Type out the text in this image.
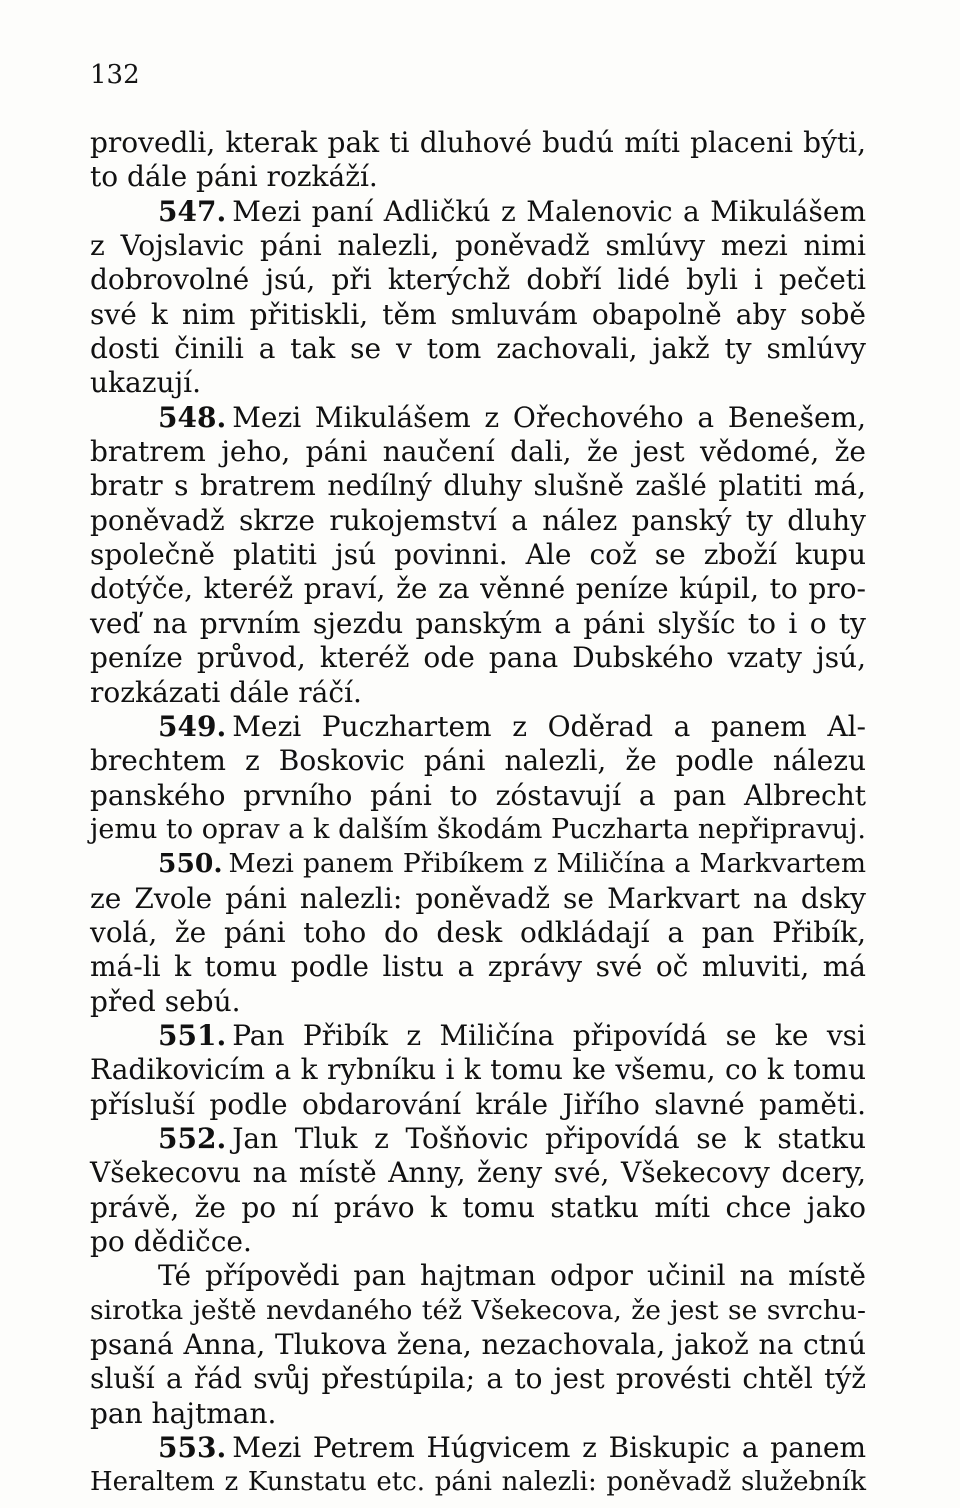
132
provedli, kterak pak ti dluhové budú míti placeni býti,
to dále páni rozkáží.
547. Mezi paní Adličkú z Malenovic a Mikulášem
z Vojslavic páni nalezli, poněvadž smlúvy mezi nimi
dobrovolné jsú, při kterýchž dobří lidé byli i pečeti
své k nim přitiskli, těm smluvám obapolně aby sobě
dosti činili a tak se v tom zachovali, jakž ty smlúvy
ukazují.
548. Mezi Mikulášem z Ořechového a Benešem,
bratrem jeho, páni naučení dali, že jest vědomé, že
bratr s bratrem nedílný dluhy slušně zašlé platiti má,
poněvadž skrze rukojemství a nález panský ty dluhy
společně platiti jsú povinni. Ale což se zboží kupu
dotýče, kteréž praví, že za věnné peníze kúpil, to pro-
veď na prvním sjezdu panským a páni slyšíc to i o ty
peníze průvod, kteréž ode pana Dubského vzaty jsú,
rozkázati dále ráčí.
549. Mezi Puczhartem z Oděrad a panem Al-
brechtem z Boskovic páni nalezli, že podle nálezu
panského prvního páni to zóstavují a pan Albrecht
jemu to oprav a k dalším škodám Puczharta nepřipravuj.
550. Mezi panem Přibíkem z Miličína a Markvartem
ze Zvole páni nalezli: poněvadž se Markvart na dsky
volá, že páni toho do desk odkládají a pan Přibík,
má-li k tomu podle listu a zprávy své oč mluviti, má
před sebú.
551. Pan Přibík z Miličína připovídá se ke vsi
Radikovicím a k rybníku i k tomu ke všemu, co k tomu
přísluší podle obdarování krále Jiřího slavné paměti.
552. Jan Tluk z Tošňovic připovídá se k statku
Všekecovu na místě Anny, ženy své, Všekecovy dcery,
právě, že po ní právo k tomu statku míti chce jako
po dědičce.
Té přípovědi pan hajtman odpor učinil na místě
sirotka ještě nevdaného též Všekecova, že jest se svrchu-
psaná Anna, Tlukova žena, nezachovala, jakož na ctnú
sluší a řád svůj přestúpila; a to jest provésti chtěl týž
pan hajtman.
553. Mezi Petrem Húgvicem z Biskupic a panem
Heraltem z Kunstatu etc. páni nalezli: poněvadž služebník
